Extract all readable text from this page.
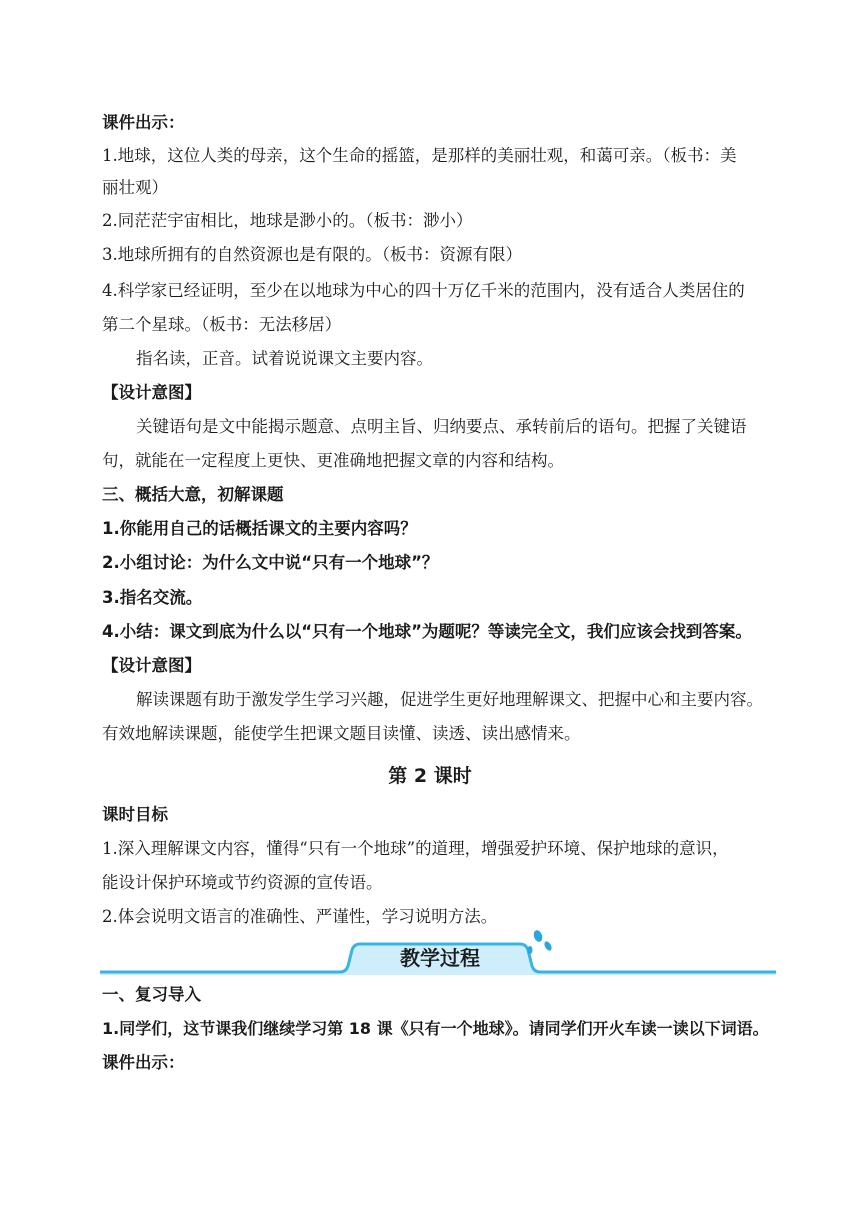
课件出示：
1.地球，这位人类的母亲，这个生命的摇篮，是那样的美丽壮观，和蔼可亲。（板书：美
丽壮观）
2.同茫茫宇宙相比，地球是渺小的。（板书：渺小）
3.地球所拥有的自然资源也是有限的。（板书：资源有限）
4.科学家已经证明，至少在以地球为中心的四十万亿千米的范围内，没有适合人类居住的
第二个星球。（板书：无法移居）
指名读，正音。试着说说课文主要内容。
【设计意图】
关键语句是文中能揭示题意、点明主旨、归纳要点、承转前后的语句。把握了关键语
句，就能在一定程度上更快、更准确地把握文章的内容和结构。
三、概括大意，初解课题
1.你能用自己的话概括课文的主要内容吗？
2.小组讨论：为什么文中说“只有一个地球”？
3.指名交流。
4.小结：课文到底为什么以“只有一个地球”为题呢？等读完全文，我们应该会找到答案。
【设计意图】
解读课题有助于激发学生学习兴趣，促进学生更好地理解课文、把握中心和主要内容。
有效地解读课题，能使学生把课文题目读懂、读透、读出感情来。
第 2 课时
课时目标
1.深入理解课文内容，懂得“只有一个地球”的道理，增强爱护环境、保护地球的意识，
能设计保护环境或节约资源的宣传语。
2.体会说明文语言的准确性、严谨性，学习说明方法。
教学过程
一、复习导入
1.同学们，这节课我们继续学习第 18 课《只有一个地球》。请同学们开火车读一读以下词语。
课件出示：
